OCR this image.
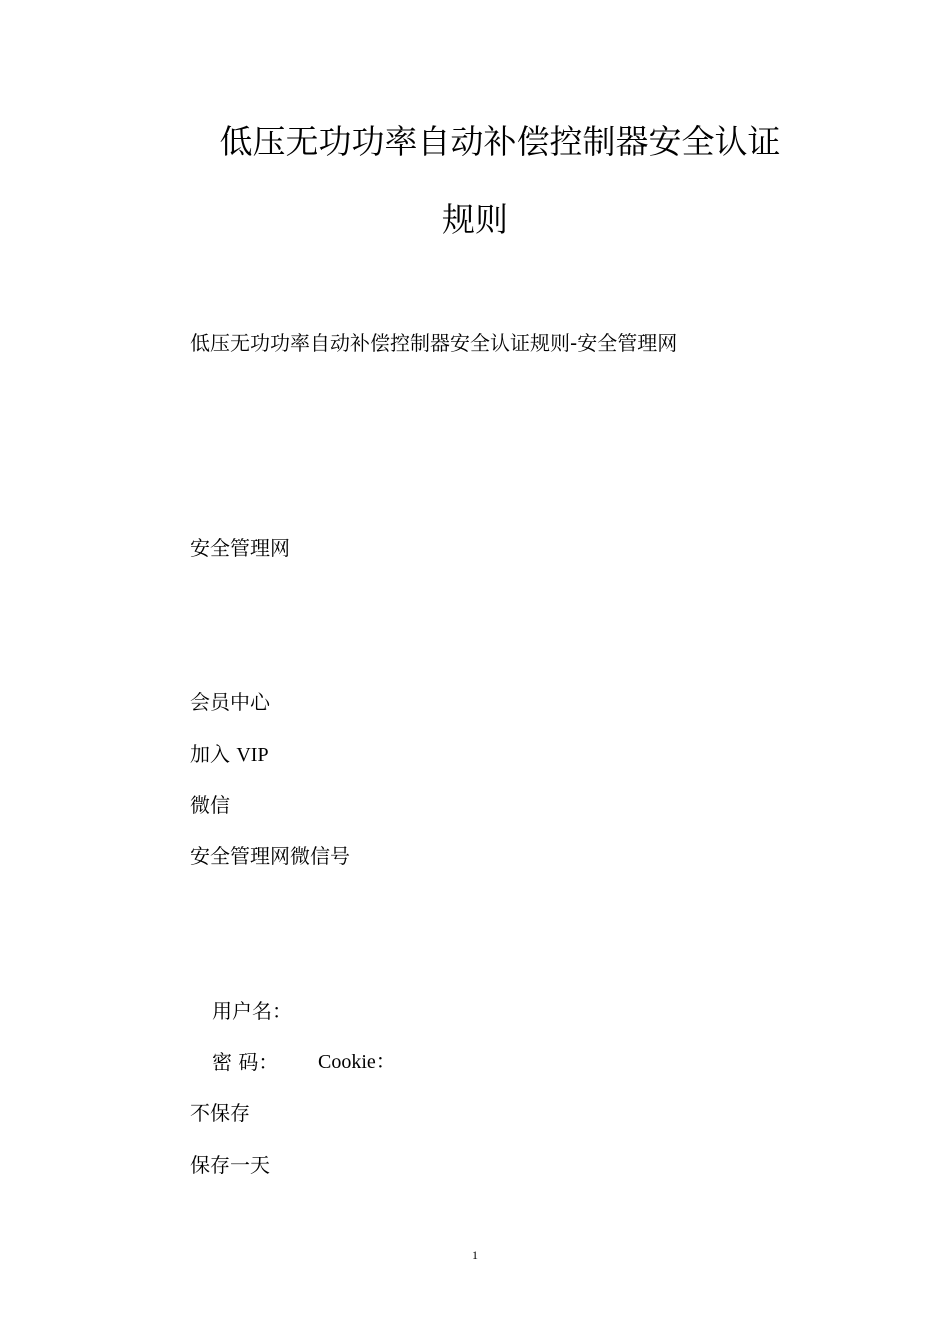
低压无功功率自动补偿控制器安全认证
规则
低压无功功率自动补偿控制器安全认证规则-安全管理网
安全管理网
会员中心
加入 VIP
微信
安全管理网微信号
用户名：
密 码： Cookie：
不保存
保存一天
1
